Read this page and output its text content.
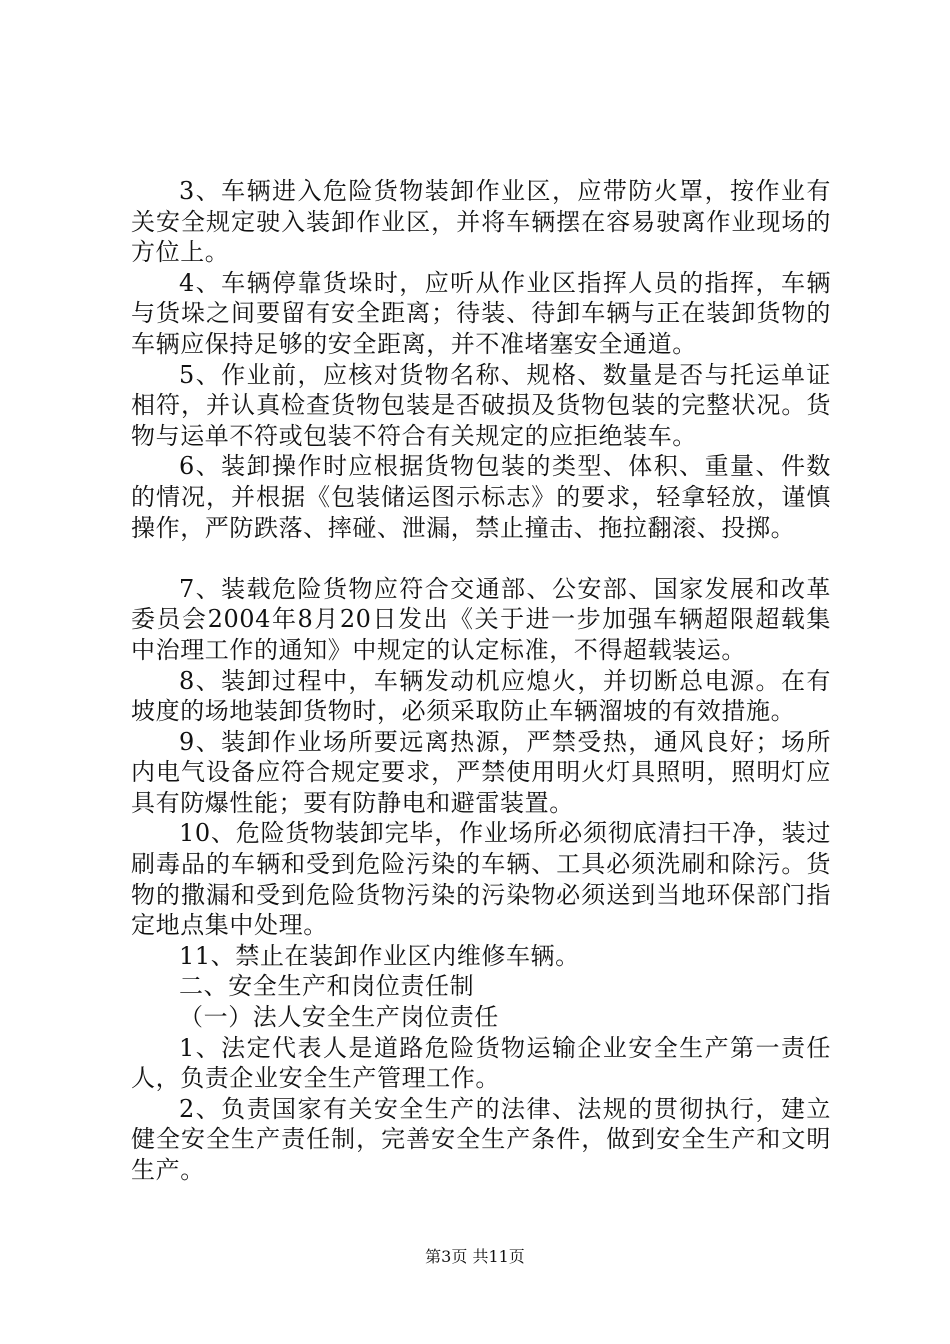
3、车辆进入危险货物装卸作业区，应带防火罩，按作业有关安全规定驶入装卸作业区，并将车辆摆在容易驶离作业现场的方位上。

4、车辆停靠货垛时，应听从作业区指挥人员的指挥，车辆与货垛之间要留有安全距离；待装、待卸车辆与正在装卸货物的车辆应保持足够的安全距离，并不准堵塞安全通道。

5、作业前，应核对货物名称、规格、数量是否与托运单证相符，并认真检查货物包装是否破损及货物包装的完整状况。货物与运单不符或包装不符合有关规定的应拒绝装车。

6、装卸操作时应根据货物包装的类型、体积、重量、件数的情况，并根据《包装储运图示标志》的要求，轻拿轻放，谨慎操作，严防跌落、摔碰、泄漏，禁止撞击、拖拉翻滚、投掷。

7、装载危险货物应符合交通部、公安部、国家发展和改革委员会2004年8月20日发出《关于进一步加强车辆超限超载集中治理工作的通知》中规定的认定标准，不得超载装运。

8、装卸过程中，车辆发动机应熄火，并切断总电源。在有坡度的场地装卸货物时，必须采取防止车辆溜坡的有效措施。

9、装卸作业场所要远离热源，严禁受热，通风良好；场所内电气设备应符合规定要求，严禁使用明火灯具照明，照明灯应具有防爆性能；要有防静电和避雷装置。

10、危险货物装卸完毕，作业场所必须彻底清扫干净，装过刷毒品的车辆和受到危险污染的车辆、工具必须洗刷和除污。货物的撒漏和受到危险货物污染的污染物必须送到当地环保部门指定地点集中处理。

11、禁止在装卸作业区内维修车辆。

二、安全生产和岗位责任制

（一）法人安全生产岗位责任

1、法定代表人是道路危险货物运输企业安全生产第一责任人，负责企业安全生产管理工作。

2、负责国家有关安全生产的法律、法规的贯彻执行，建立健全安全生产责任制，完善安全生产条件，做到安全生产和文明生产。

第3页 共11页
